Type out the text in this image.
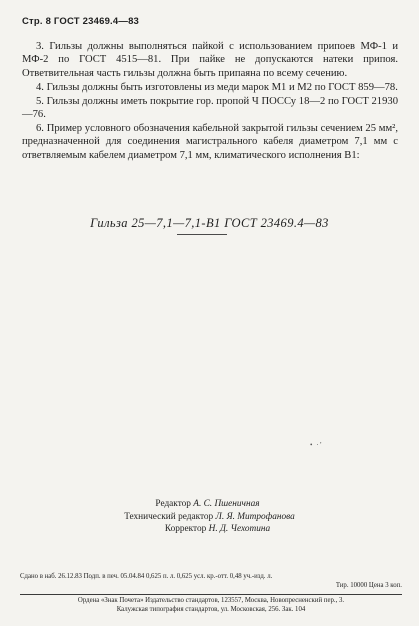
Стр. 8 ГОСТ 23469.4—83

3. Гильзы должны выполняться пайкой с использованием припоев МФ-1 и МФ-2 по ГОСТ 4515—81. При пайке не допускаются натеки припоя. Ответвительная часть гильзы должна быть припаяна по всему сечению.

4. Гильзы должны быть изготовлены из меди марок М1 и М2 по ГОСТ 859—78.

5. Гильзы должны иметь покрытие гор. пропой Ч ПОССу 18—2 по ГОСТ 21930—76.

6. Пример условного обозначения кабельной закрытой гильзы сечением 25 мм², предназначенной для соединения магистрального кабеля диаметром 7,1 мм с ответвляемым кабелем диаметром 7,1 мм, климатического исполнения В1:

Гильза 25—7,1—7,1-В1 ГОСТ 23469.4—83
• ·’
Редактор А. С. Пшеничная
Технический редактор Л. Я. Митрофанова
Корректор Н. Д. Чехотина
Сдано в наб. 26.12.83 Подп. в печ. 05.04.84 0,625 п. л. 0,625 усл. кр.-отт. 0,48 уч.-изд. л.
Тир. 10000 Цена 3 коп.
Ордена «Знак Почета» Издательство стандартов, 123557, Москва, Новопресненский пер., 3.
Калужская типография стандартов, ул. Московская, 256. Зак. 104
